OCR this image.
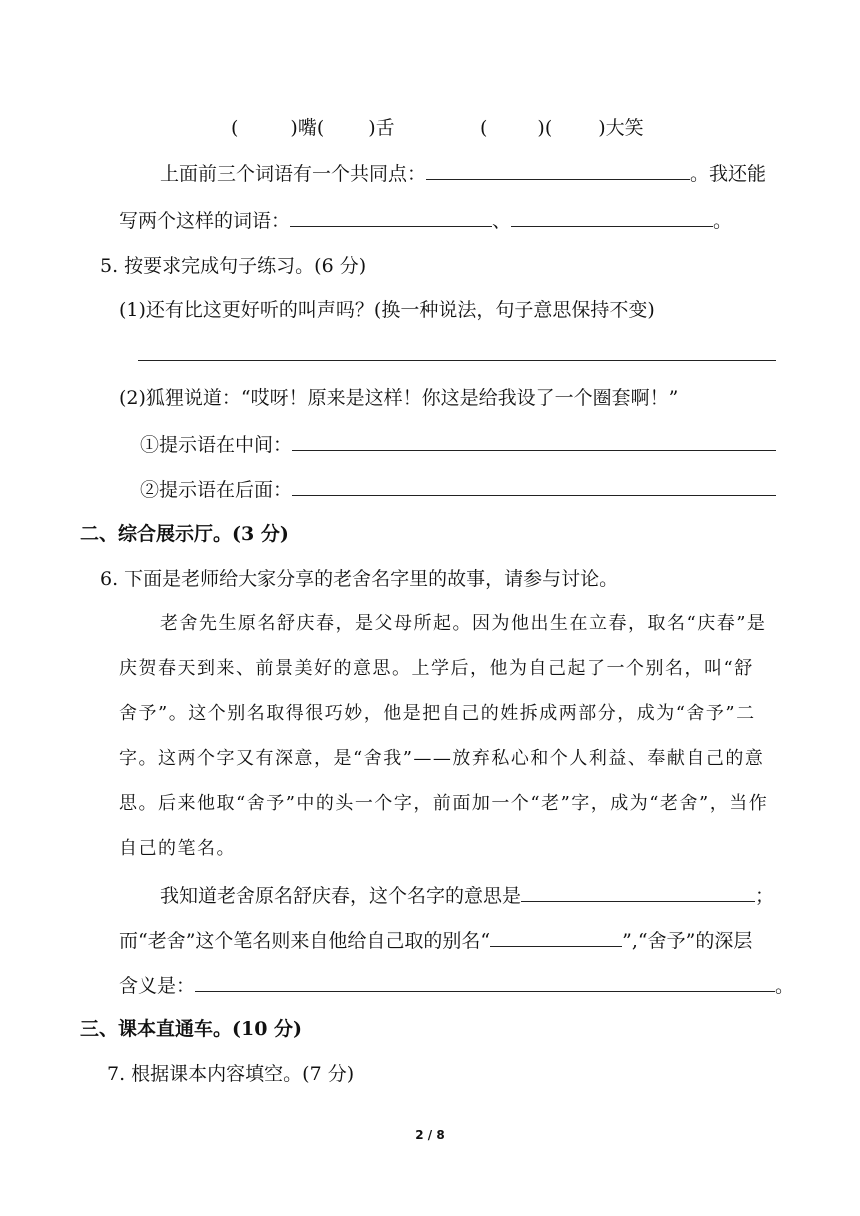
(	)嘴( )舌	(	)( )大笑
上面前三个词语有一个共同点：	。我还能
写两个这样的词语：	、	。
5. 按要求完成句子练习。(6 分)
(1)还有比这更好听的叫声吗？(换一种说法，句子意思保持不变)
(2)狐狸说道：“哎呀！原来是这样！你这是给我设了一个圈套啊！”
①提示语在中间：
②提示语在后面：
二、综合展示厅。(3 分)
6. 下面是老师给大家分享的老舍名字里的故事，请参与讨论。
老舍先生原名舒庆春，是父母所起。因为他出生在立春，取名“庆春”是
庆贺春天到来、前景美好的意思。上学后，他为自己起了一个别名，叫“舒
舍予”。这个别名取得很巧妙，他是把自己的姓拆成两部分，成为“舍予”二
字。这两个字又有深意，是“舍我”——放弃私心和个人利益、奉献自己的意
思。后来他取“舍予”中的头一个字，前面加一个“老”字，成为“老舍”，当作
自己的笔名。
我知道老舍原名舒庆春，这个名字的意思是	；
而“老舍”这个笔名则来自他给自己取的别名“	”,“舍予”的深层
含义是：	。
三、课本直通车。(10 分)
7. 根据课本内容填空。(7 分)
2 / 8
